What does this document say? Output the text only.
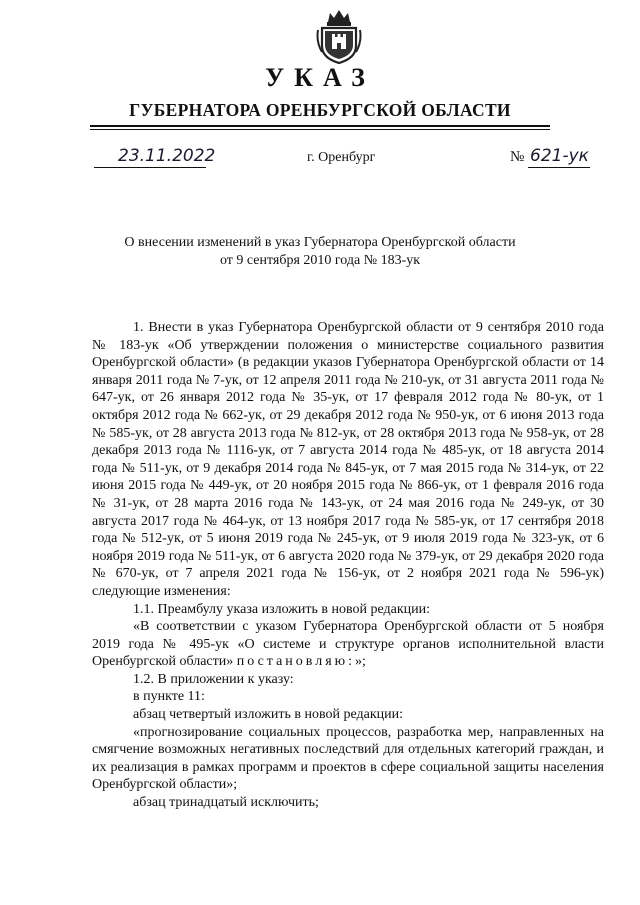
УКАЗ
ГУБЕРНАТОРА ОРЕНБУРГСКОЙ ОБЛАСТИ
23.11.2022	г. Оренбург	№ 621-ук
О внесении изменений в указ Губернатора Оренбургской области
от 9 сентября 2010 года № 183-ук

1. Внести в указ Губернатора Оренбургской области от 9 сентября 2010 года № 183-ук «Об утверждении положения о министерстве социального развития Оренбургской области» (в редакции указов Губернатора Оренбургской области от 14 января 2011 года № 7-ук, от 12 апреля 2011 года № 210-ук, от 31 августа 2011 года № 647-ук, от 26 января 2012 года № 35-ук, от 17 февраля 2012 года № 80-ук, от 1 октября 2012 года № 662-ук, от 29 декабря 2012 года № 950-ук, от 6 июня 2013 года № 585-ук, от 28 августа 2013 года № 812-ук, от 28 октября 2013 года № 958-ук, от 28 декабря 2013 года № 1116-ук, от 7 августа 2014 года № 485-ук, от 18 августа 2014 года № 511-ук, от 9 декабря 2014 года № 845-ук, от 7 мая 2015 года № 314-ук, от 22 июня 2015 года № 449-ук, от 20 ноября 2015 года № 866-ук, от 1 февраля 2016 года № 31-ук, от 28 марта 2016 года № 143-ук, от 24 мая 2016 года № 249-ук, от 30 августа 2017 года № 464-ук, от 13 ноября 2017 года № 585-ук, от 17 сентября 2018 года № 512-ук, от 5 июня 2019 года № 245-ук, от 9 июля 2019 года № 323-ук, от 6 ноября 2019 года № 511-ук, от 6 августа 2020 года № 379-ук, от 29 декабря 2020 года № 670-ук, от 7 апреля 2021 года № 156-ук, от 2 ноября 2021 года № 596-ук) следующие изменения:

1.1. Преамбулу указа изложить в новой редакции:

«В соответствии с указом Губернатора Оренбургской области от 5 ноября 2019 года № 495-ук «О системе и структуре органов исполнительной власти Оренбургской области» постановляю:»;

1.2. В приложении к указу:

в пункте 11:

абзац четвертый изложить в новой редакции:

«прогнозирование социальных процессов, разработка мер, направленных на смягчение возможных негативных последствий для отдельных категорий граждан, и их реализация в рамках программ и проектов в сфере социальной защиты населения Оренбургской области»;

абзац тринадцатый исключить;
